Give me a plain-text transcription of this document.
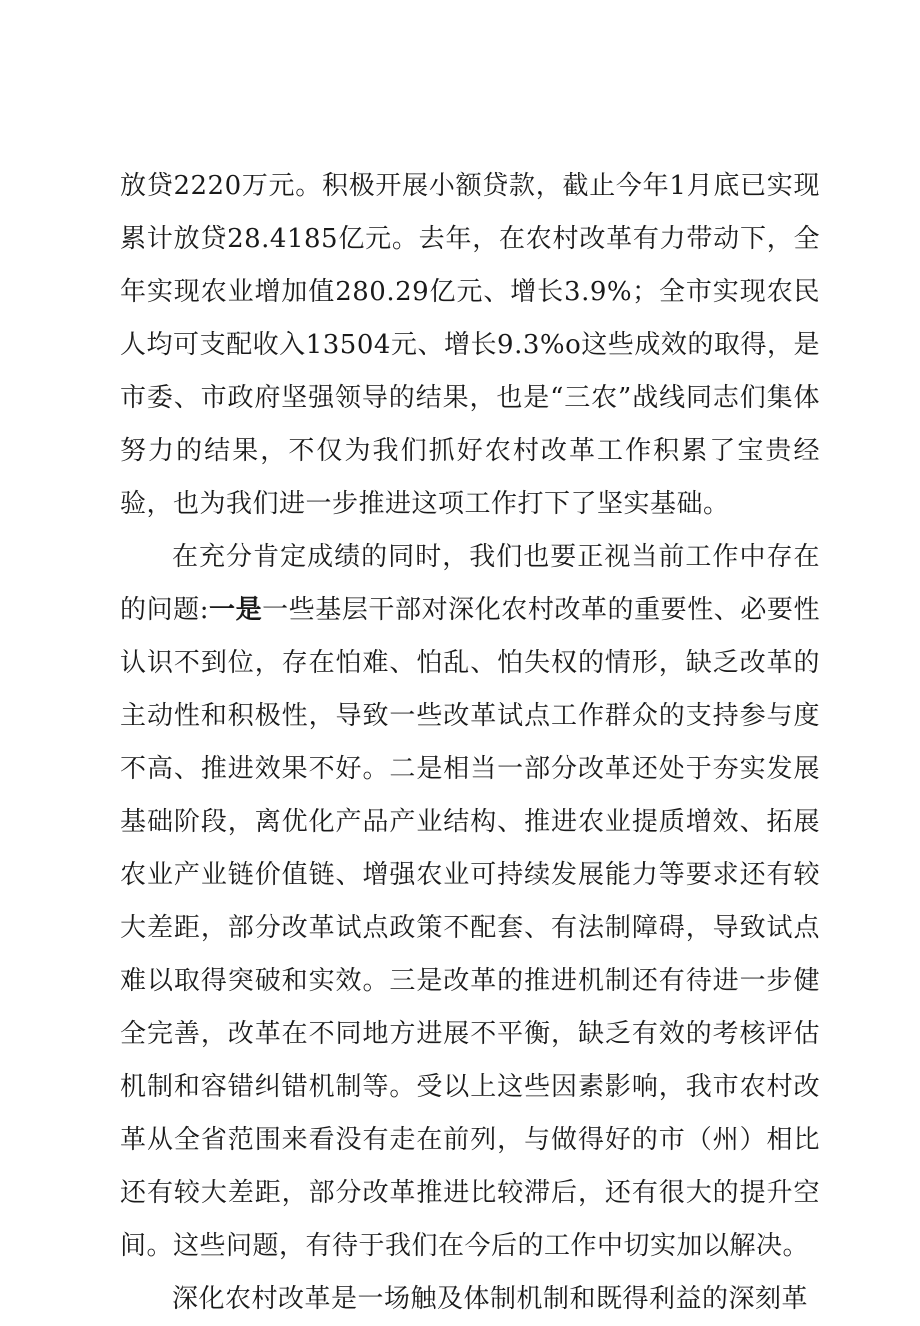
放贷2220万元。积极开展小额贷款，截止今年1月底已实现累计放贷28.4185亿元。去年，在农村改革有力带动下，全年实现农业增加值280.29亿元、增长3.9%；全市实现农民人均可支配收入13504元、增长9.3%o这些成效的取得，是市委、市政府坚强领导的结果，也是“三农”战线同志们集体努力的结果，不仅为我们抓好农村改革工作积累了宝贵经验，也为我们进一步推进这项工作打下了坚实基础。

在充分肯定成绩的同时，我们也要正视当前工作中存在的问题:一是一些基层干部对深化农村改革的重要性、必要性认识不到位，存在怕难、怕乱、怕失权的情形，缺乏改革的主动性和积极性，导致一些改革试点工作群众的支持参与度不高、推进效果不好。二是相当一部分改革还处于夯实发展基础阶段，离优化产品产业结构、推进农业提质增效、拓展农业产业链价值链、增强农业可持续发展能力等要求还有较大差距，部分改革试点政策不配套、有法制障碍，导致试点难以取得突破和实效。三是改革的推进机制还有待进一步健全完善，改革在不同地方进展不平衡，缺乏有效的考核评估机制和容错纠错机制等。受以上这些因素影响，我市农村改革从全省范围来看没有走在前列，与做得好的市（州）相比还有较大差距，部分改革推进比较滞后，还有很大的提升空间。这些问题，有待于我们在今后的工作中切实加以解决。

深化农村改革是一场触及体制机制和既得利益的深刻革
